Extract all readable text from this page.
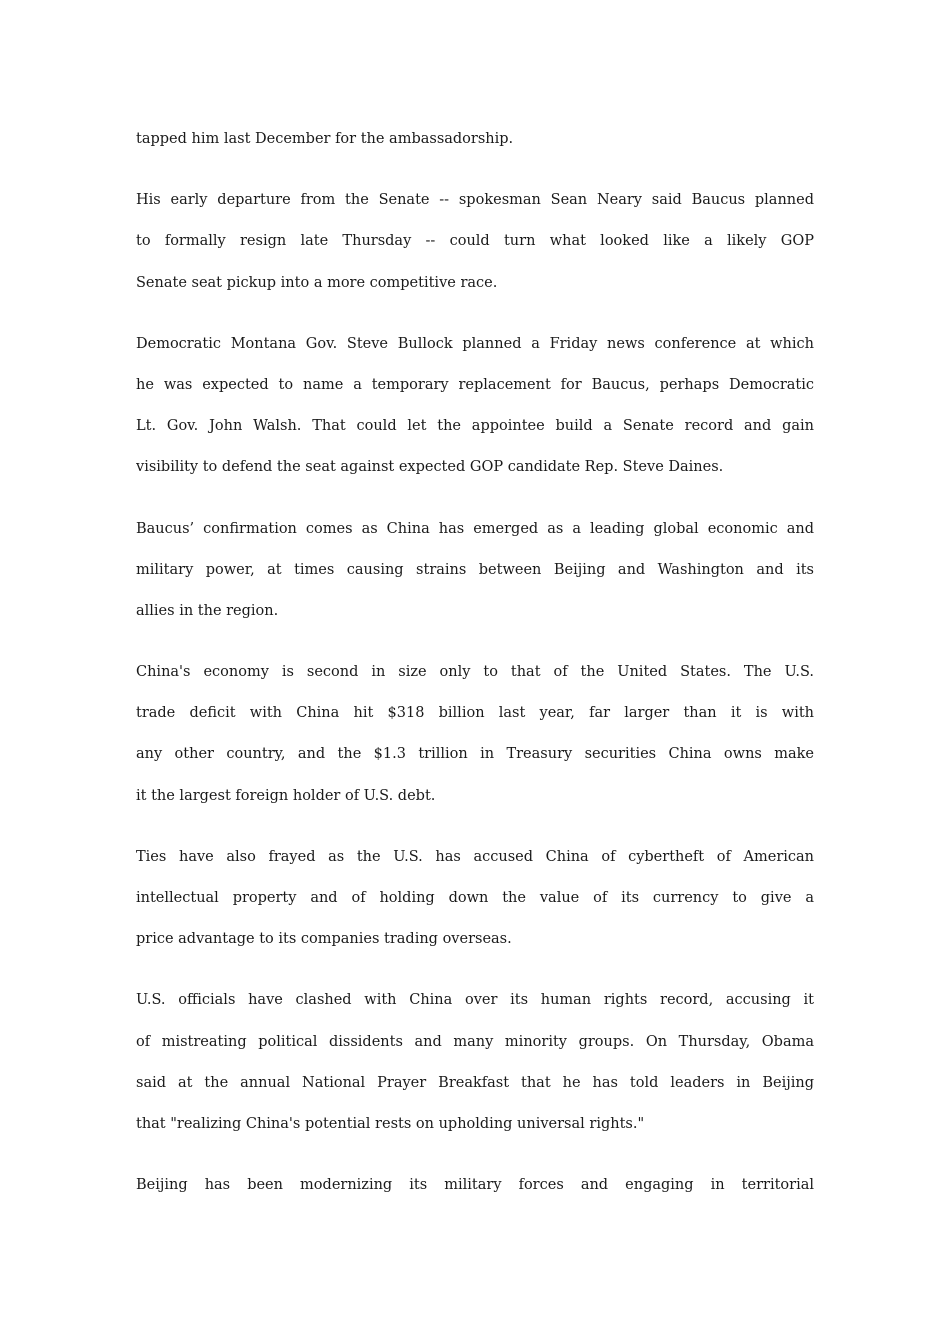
tapped him last December for the ambassadorship.

His early departure from the Senate -- spokesman Sean Neary said Baucus planned
to formally resign late Thursday -- could turn what looked like a likely GOP
Senate seat pickup into a more competitive race.

Democratic Montana Gov. Steve Bullock planned a Friday news conference at which
he was expected to name a temporary replacement for Baucus, perhaps Democratic
Lt. Gov. John Walsh. That could let the appointee build a Senate record and gain
visibility to defend the seat against expected GOP candidate Rep. Steve Daines.

Baucus’ confirmation comes as China has emerged as a leading global economic and
military power, at times causing strains between Beijing and Washington and its
allies in the region.

China's economy is second in size only to that of the United States. The U.S.
trade deficit with China hit $318 billion last year, far larger than it is with
any other country, and the $1.3 trillion in Treasury securities China owns make
it the largest foreign holder of U.S. debt.

Ties have also frayed as the U.S. has accused China of cybertheft of American
intellectual property and of holding down the value of its currency to give a
price advantage to its companies trading overseas.

U.S. officials have clashed with China over its human rights record, accusing it
of mistreating political dissidents and many minority groups. On Thursday, Obama
said at the annual National Prayer Breakfast that he has told leaders in Beijing
that "realizing China's potential rests on upholding universal rights."

Beijing has been modernizing its military forces and engaging in territorial
